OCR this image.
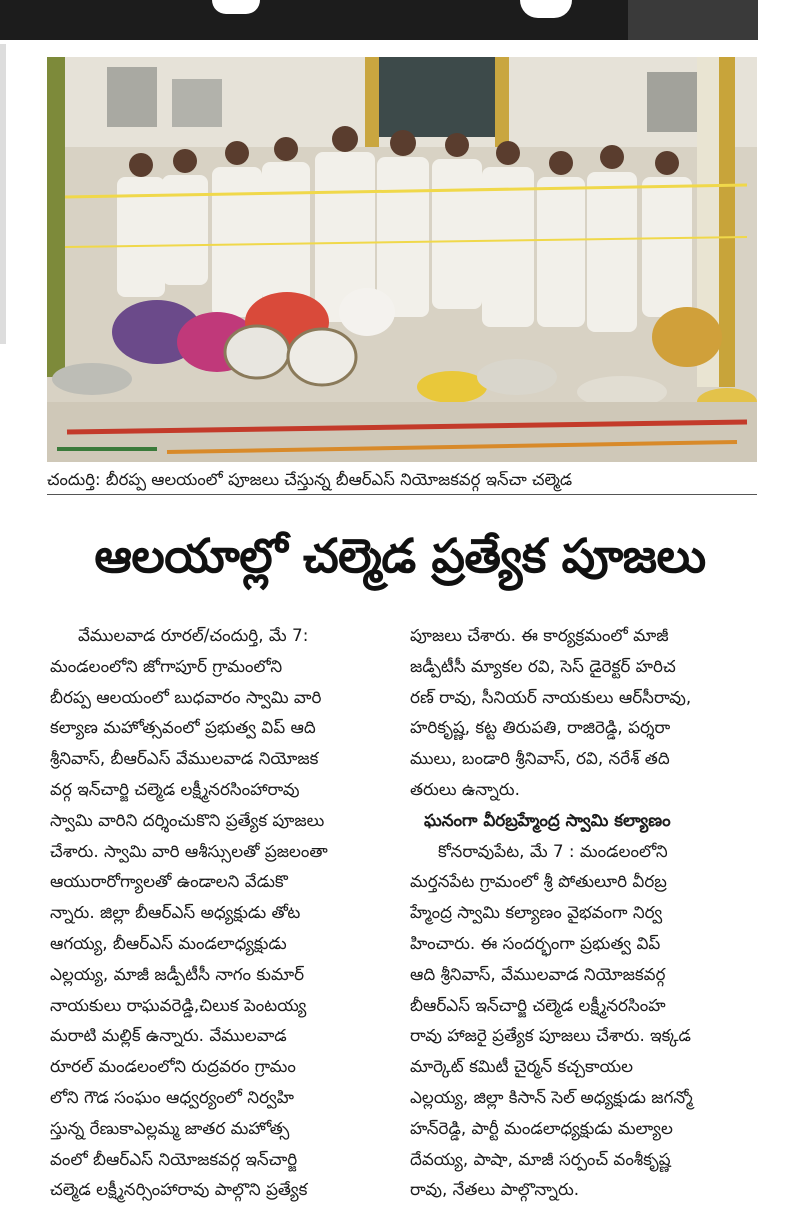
చందుర్తి: బీరప్ప ఆలయంలో పూజలు చేస్తున్న బీఆర్ఎస్ నియోజకవర్గ ఇన్‌చా చల్మెడ
ఆలయాల్లో చల్మెడ ప్రత్యేక పూజలు
వేములవాడ రూరల్/చందుర్తి, మే 7:
మండలంలోని జోగాపూర్ గ్రామంలోని
బీరప్ప ఆలయంలో బుధవారం స్వామి వారి
కల్యాణ మహోత్సవంలో ప్రభుత్వ విప్ ఆది
శ్రీనివాస్, బీఆర్ఎస్ వేములవాడ నియోజక
వర్గ ఇన్‌చార్జి చల్మెడ లక్ష్మీనరసింహారావు
స్వామి వారిని దర్శించుకొని ప్రత్యేక పూజలు
చేశారు. స్వామి వారి ఆశీస్సులతో ప్రజలంతా
ఆయురారోగ్యాలతో ఉండాలని వేడుకొ
న్నారు. జిల్లా బీఆర్ఎస్ అధ్యక్షుడు తోట
ఆగయ్య, బీఆర్ఎస్ మండలాధ్యక్షుడు
ఎల్లయ్య, మాజీ జడ్పీటీసీ నాగం కుమార్
నాయకులు రాఘవరెడ్డి,చిలుక పెంటయ్య
మరాటి మల్లిక్ ఉన్నారు. వేములవాడ
రూరల్ మండలంలోని రుద్రవరం గ్రామం
లోని గౌడ సంఘం ఆధ్వర్యంలో నిర్వహి
స్తున్న రేణుకాఎల్లమ్మ జాతర మహోత్స
వంలో బీఆర్ఎస్ నియోజకవర్గ ఇన్‌చార్జి
చల్మెడ లక్ష్మీనర్సింహారావు పాల్గొని ప్రత్యేక
పూజలు చేశారు. ఈ కార్యక్రమంలో మాజీ
జడ్పీటీసీ మ్యాకల రవి, సెస్ డైరెక్టర్ హరిచ
రణ్ రావు, సీనియర్ నాయకులు ఆర్‌సీరావు,
హరికృష్ణ, కట్ట తిరుపతి, రాజిరెడ్డి, పర్శరా
ములు, బండారి శ్రీనివాస్, రవి, నరేశ్ తది
తరులు ఉన్నారు.
ఘనంగా వీరబ్రహ్మేంద్ర స్వామి కల్యాణం
కోనరావుపేట, మే 7 : మండలంలోని
మర్తనపేట గ్రామంలో శ్రీ పోతులూరి వీరబ్ర
హ్మేంద్ర స్వామి కల్యాణం వైభవంగా నిర్వ
హించారు. ఈ సందర్భంగా ప్రభుత్వ విప్
ఆది శ్రీనివాస్, వేములవాడ నియోజకవర్గ
బీఆర్ఎస్ ఇన్‌చార్జి చల్మెడ లక్ష్మీనరసింహ
రావు హాజరై ప్రత్యేక పూజలు చేశారు. ఇక్కడ
మార్కెట్ కమిటీ చైర్మన్ కచ్చకాయల
ఎల్లయ్య, జిల్లా కిసాన్ సెల్ అధ్యక్షుడు జగన్మో
హన్‌రెడ్డి, పార్టీ మండలాధ్యక్షుడు మల్యాల
దేవయ్య, పాషా, మాజీ సర్పంచ్ వంశీకృష్ణ
రావు, నేతలు పాల్గొన్నారు.
